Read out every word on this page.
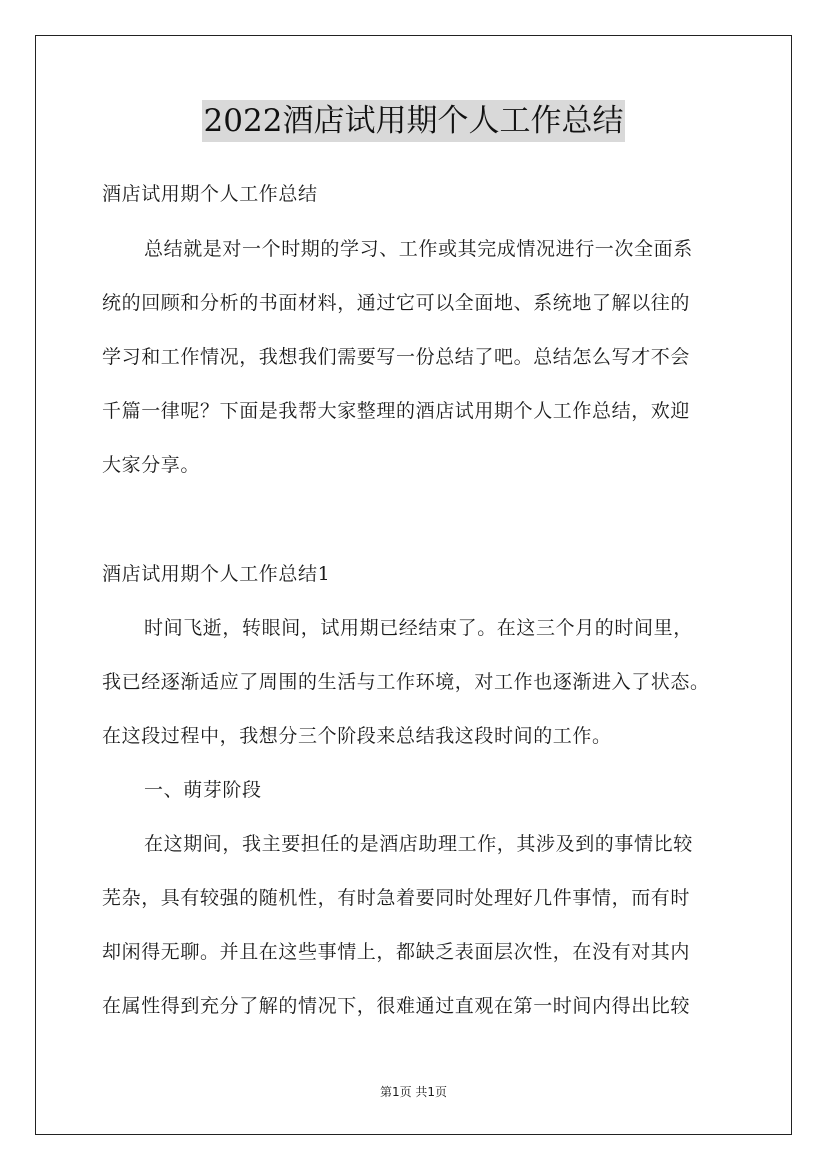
2022酒店试用期个人工作总结
酒店试用期个人工作总结
总结就是对一个时期的学习、工作或其完成情况进行一次全面系
统的回顾和分析的书面材料，通过它可以全面地、系统地了解以往的
学习和工作情况，我想我们需要写一份总结了吧。总结怎么写才不会
千篇一律呢？下面是我帮大家整理的酒店试用期个人工作总结，欢迎
大家分享。
酒店试用期个人工作总结1
时间飞逝，转眼间，试用期已经结束了。在这三个月的时间里，
我已经逐渐适应了周围的生活与工作环境，对工作也逐渐进入了状态。
在这段过程中，我想分三个阶段来总结我这段时间的工作。
一、萌芽阶段
在这期间，我主要担任的是酒店助理工作，其涉及到的事情比较
芜杂，具有较强的随机性，有时急着要同时处理好几件事情，而有时
却闲得无聊。并且在这些事情上，都缺乏表面层次性，在没有对其内
在属性得到充分了解的情况下，很难通过直观在第一时间内得出比较
第1页 共1页
